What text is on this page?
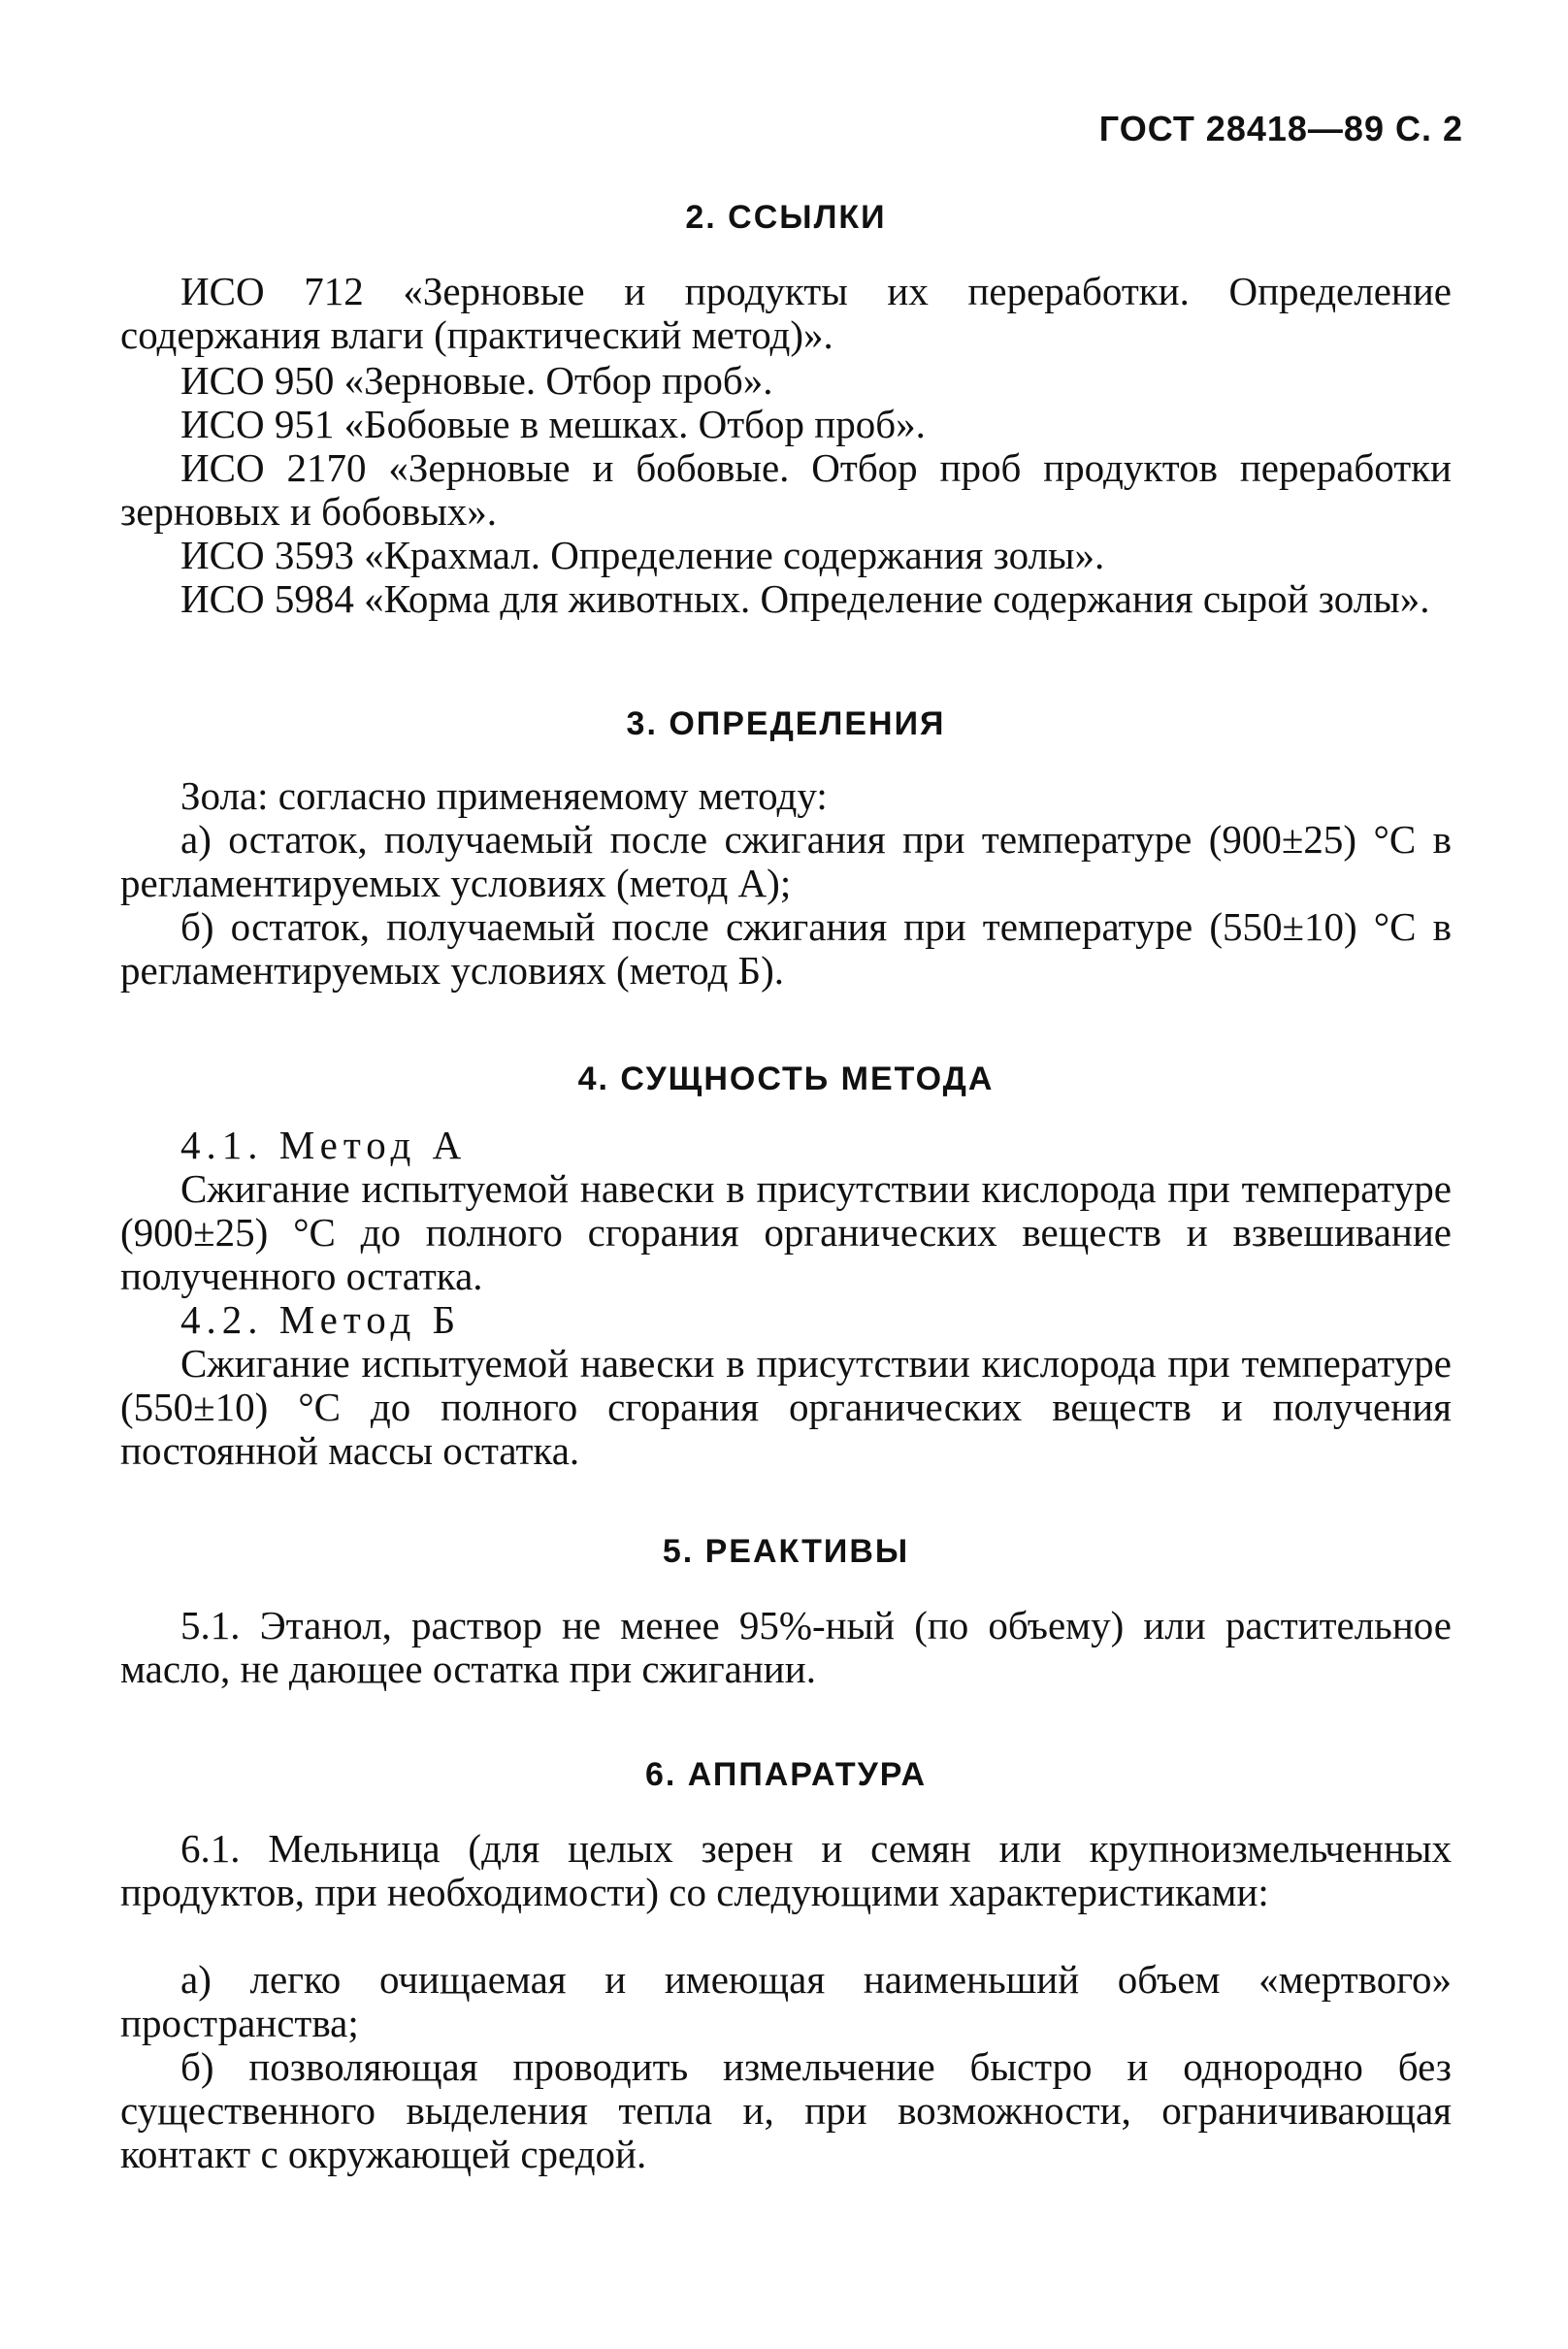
ГОСТ 28418—89 С. 2
2. ССЫЛКИ
ИСО 712 «Зерновые и продукты их переработки. Определение содержания влаги (практический метод)».
ИСО 950 «Зерновые. Отбор проб».
ИСО 951 «Бобовые в мешках. Отбор проб».
ИСО 2170 «Зерновые и бобовые. Отбор проб продуктов переработки зерновых и бобовых».
ИСО 3593 «Крахмал. Определение содержания золы».
ИСО 5984 «Корма для животных. Определение содержания сырой золы».
3. ОПРЕДЕЛЕНИЯ
Зола: согласно применяемому методу:
а) остаток, получаемый после сжигания при температуре (900±25) °С в регламентируемых условиях (метод А);
б) остаток, получаемый после сжигания при температуре (550±10) °С в регламентируемых условиях (метод Б).
4. СУЩНОСТЬ МЕТОДА
4.1. Метод А
Сжигание испытуемой навески в присутствии кислорода при температуре (900±25) °С до полного сгорания органических веществ и взвешивание полученного остатка.
4.2. Метод Б
Сжигание испытуемой навески в присутствии кислорода при температуре (550±10) °С до полного сгорания органических веществ и получения постоянной массы остатка.
5. РЕАКТИВЫ
5.1. Этанол, раствор не менее 95%-ный (по объему) или растительное масло, не дающее остатка при сжигании.
6. АППАРАТУРА
6.1. Мельница (для целых зерен и семян или крупноизмельченных продуктов, при необходимости) со следующими характеристиками:
а) легко очищаемая и имеющая наименьший объем «мертвого» пространства;
б) позволяющая проводить измельчение быстро и однородно без существенного выделения тепла и, при возможности, ограничивающая контакт с окружающей средой.
